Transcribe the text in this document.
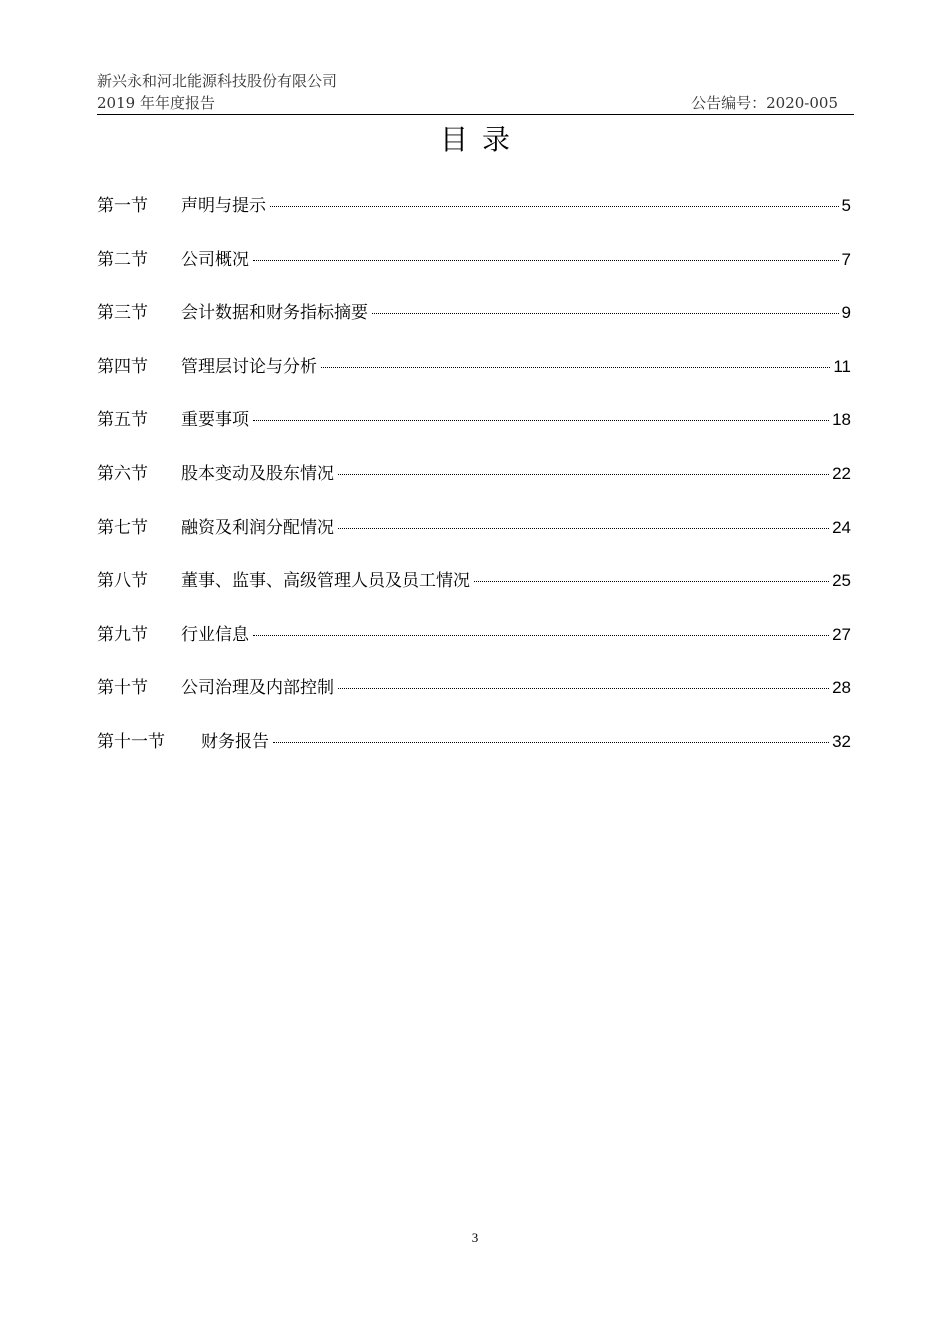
新兴永和河北能源科技股份有限公司
2019 年年度报告	公告编号：2020-005
目录
第一节	声明与提示	5
第二节	公司概况	7
第三节	会计数据和财务指标摘要	9
第四节	管理层讨论与分析	11
第五节	重要事项	18
第六节	股本变动及股东情况	22
第七节	融资及利润分配情况	24
第八节	董事、监事、高级管理人员及员工情况	25
第九节	行业信息	27
第十节	公司治理及内部控制	28
第十一节	财务报告	32
3
